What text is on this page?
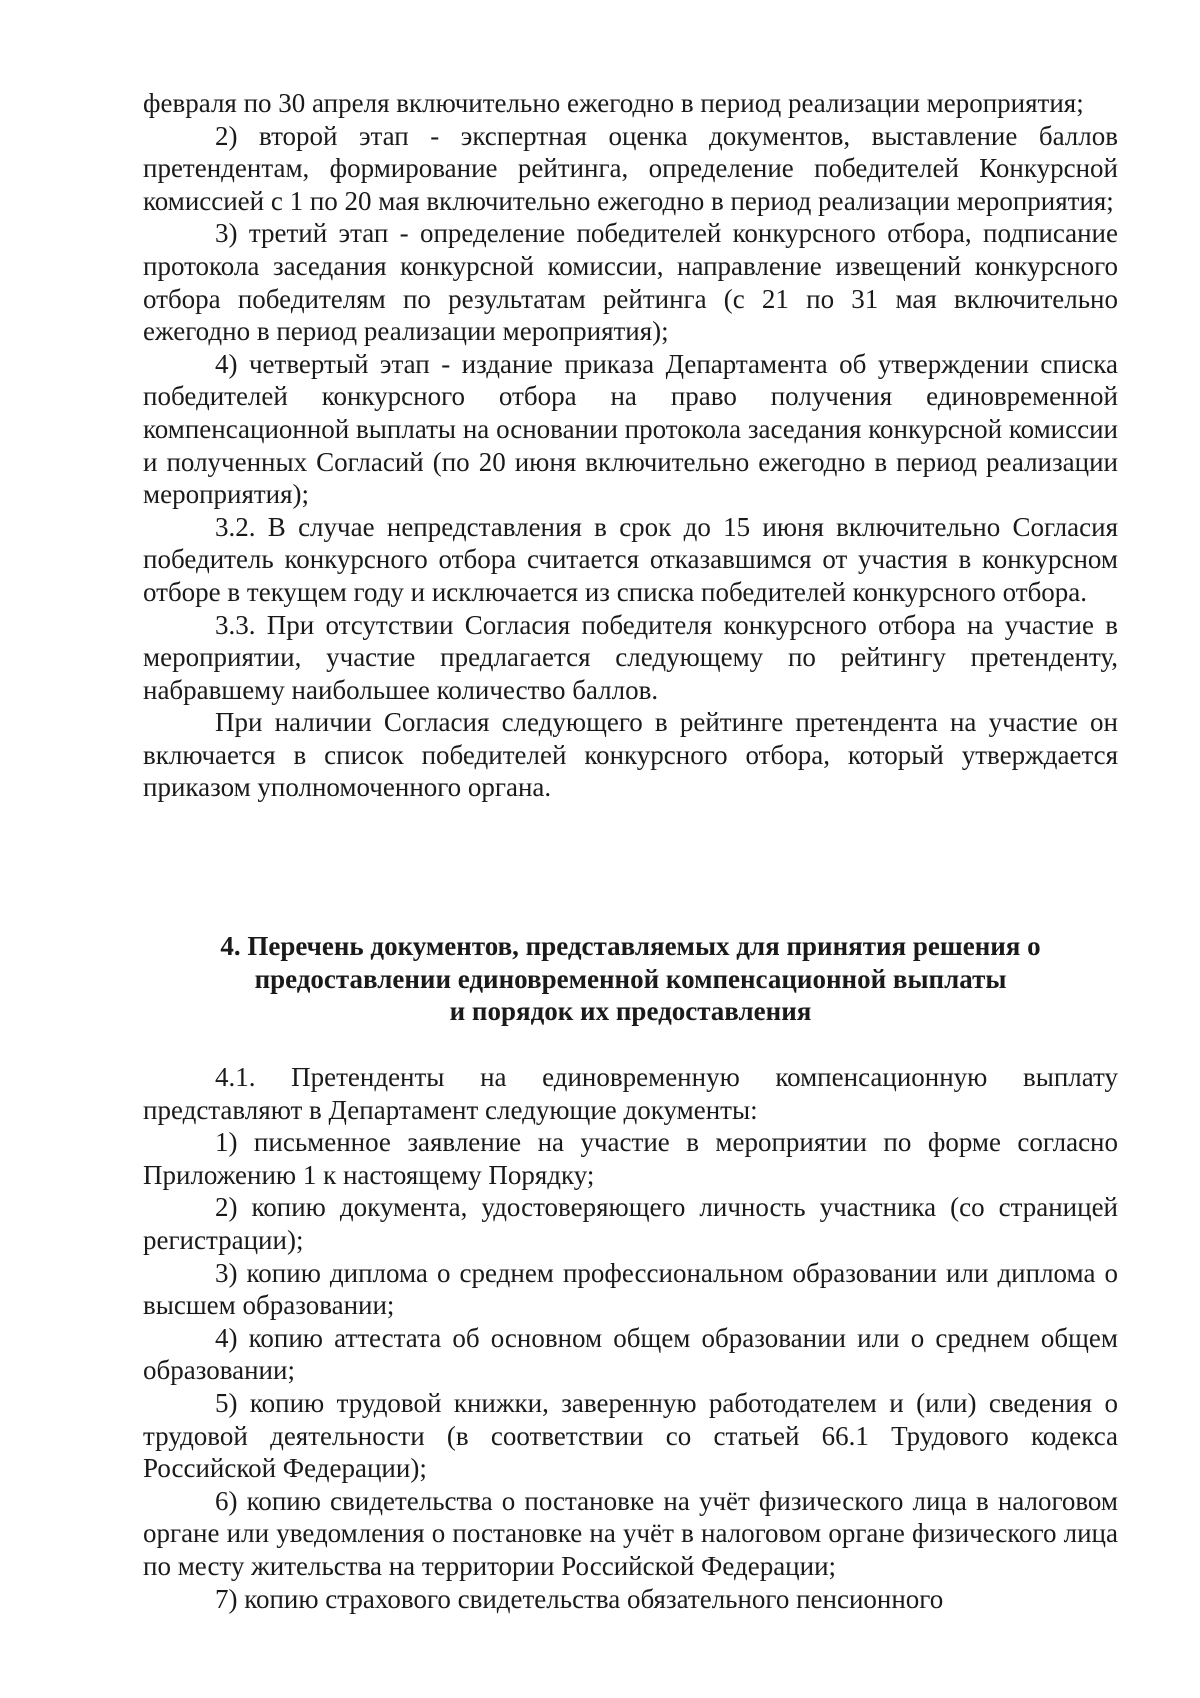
февраля по 30 апреля включительно ежегодно в период реализации мероприятия;

2) второй этап - экспертная оценка документов, выставление баллов претендентам, формирование рейтинга, определение победителей Конкурсной комиссией с 1 по 20 мая включительно ежегодно в период реализации мероприятия;

3) третий этап - определение победителей конкурсного отбора, подписание протокола заседания конкурсной комиссии, направление извещений конкурсного отбора победителям по результатам рейтинга (с 21 по 31 мая включительно ежегодно в период реализации мероприятия);

4) четвертый этап - издание приказа Департамента об утверждении списка победителей конкурсного отбора на право получения единовременной компенсационной выплаты на основании протокола заседания конкурсной комиссии и полученных Согласий (по 20 июня включительно ежегодно в период реализации мероприятия);

3.2. В случае непредставления в срок до 15 июня включительно Согласия победитель конкурсного отбора считается отказавшимся от участия в конкурсном отборе в текущем году и исключается из списка победителей конкурсного отбора.

3.3. При отсутствии Согласия победителя конкурсного отбора на участие в мероприятии, участие предлагается следующему по рейтингу претенденту, набравшему наибольшее количество баллов.

При наличии Согласия следующего в рейтинге претендента на участие он включается в список победителей конкурсного отбора, который утверждается приказом уполномоченного органа.

4. Перечень документов, представляемых для принятия решения о

предоставлении единовременной компенсационной выплаты

и порядок их предоставления

4.1. Претенденты на единовременную компенсационную выплату представляют в Департамент следующие документы:

1) письменное заявление на участие в мероприятии по форме согласно Приложению 1 к настоящему Порядку;

2) копию документа, удостоверяющего личность участника (со страницей регистрации);

3) копию диплома о среднем профессиональном образовании или диплома о высшем образовании;

4) копию аттестата об основном общем образовании или о среднем общем образовании;

5) копию трудовой книжки, заверенную работодателем и (или) сведения о трудовой деятельности (в соответствии со статьей 66.1 Трудового кодекса Российской Федерации);

6) копию свидетельства о постановке на учёт физического лица в налоговом органе или уведомления о постановке на учёт в налоговом органе физического лица по месту жительства на территории Российской Федерации;

7) копию страхового свидетельства обязательного пенсионного
